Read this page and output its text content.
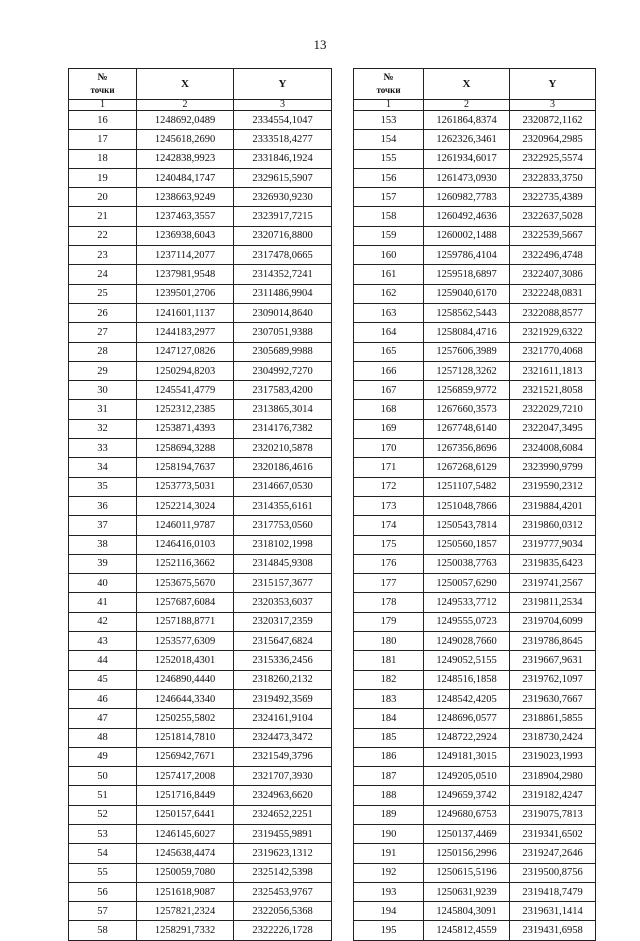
13
№
точки	X	Y
1	2	3
16	1248692,0489	2334554,1047
17	1245618,2690	2333518,4277
18	1242838,9923	2331846,1924
19	1240484,1747	2329615,5907
20	1238663,9249	2326930,9230
21	1237463,3557	2323917,7215
22	1236938,6043	2320716,8800
23	1237114,2077	2317478,0665
24	1237981,9548	2314352,7241
25	1239501,2706	2311486,9904
26	1241601,1137	2309014,8640
27	1244183,2977	2307051,9388
28	1247127,0826	2305689,9988
29	1250294,8203	2304992,7270
30	1245541,4779	2317583,4200
31	1252312,2385	2313865,3014
32	1253871,4393	2314176,7382
33	1258694,3288	2320210,5878
34	1258194,7637	2320186,4616
35	1253773,5031	2314667,0530
36	1252214,3024	2314355,6161
37	1246011,9787	2317753,0560
38	1246416,0103	2318102,1998
39	1252116,3662	2314845,9308
40	1253675,5670	2315157,3677
41	1257687,6084	2320353,6037
42	1257188,8771	2320317,2359
43	1253577,6309	2315647,6824
44	1252018,4301	2315336,2456
45	1246890,4440	2318260,2132
46	1246644,3340	2319492,3569
47	1250255,5802	2324161,9104
48	1251814,7810	2324473,3472
49	1256942,7671	2321549,3796
50	1257417,2008	2321707,3930
51	1251716,8449	2324963,6620
52	1250157,6441	2324652,2251
53	1246145,6027	2319455,9891
54	1245638,4474	2319623,1312
55	1250059,7080	2325142,5398
56	1251618,9087	2325453,9767
57	1257821,2324	2322056,5368
58	1258291,7332	2322226,1728
№
точки	X	Y
1	2	3
153	1261864,8374	2320872,1162
154	1262326,3461	2320964,2985
155	1261934,6017	2322925,5574
156	1261473,0930	2322833,3750
157	1260982,7783	2322735,4389
158	1260492,4636	2322637,5028
159	1260002,1488	2322539,5667
160	1259786,4104	2322496,4748
161	1259518,6897	2322407,3086
162	1259040,6170	2322248,0831
163	1258562,5443	2322088,8577
164	1258084,4716	2321929,6322
165	1257606,3989	2321770,4068
166	1257128,3262	2321611,1813
167	1256859,9772	2321521,8058
168	1267660,3573	2322029,7210
169	1267748,6140	2322047,3495
170	1267356,8696	2324008,6084
171	1267268,6129	2323990,9799
172	1251107,5482	2319590,2312
173	1251048,7866	2319884,4201
174	1250543,7814	2319860,0312
175	1250560,1857	2319777,9034
176	1250038,7763	2319835,6423
177	1250057,6290	2319741,2567
178	1249533,7712	2319811,2534
179	1249555,0723	2319704,6099
180	1249028,7660	2319786,8645
181	1249052,5155	2319667,9631
182	1248516,1858	2319762,1097
183	1248542,4205	2319630,7667
184	1248696,0577	2318861,5855
185	1248722,2924	2318730,2424
186	1249181,3015	2319023,1993
187	1249205,0510	2318904,2980
188	1249659,3742	2319182,4247
189	1249680,6753	2319075,7813
190	1250137,4469	2319341,6502
191	1250156,2996	2319247,2646
192	1250615,5196	2319500,8756
193	1250631,9239	2319418,7479
194	1245804,3091	2319631,1414
195	1245812,4559	2319431,6958
